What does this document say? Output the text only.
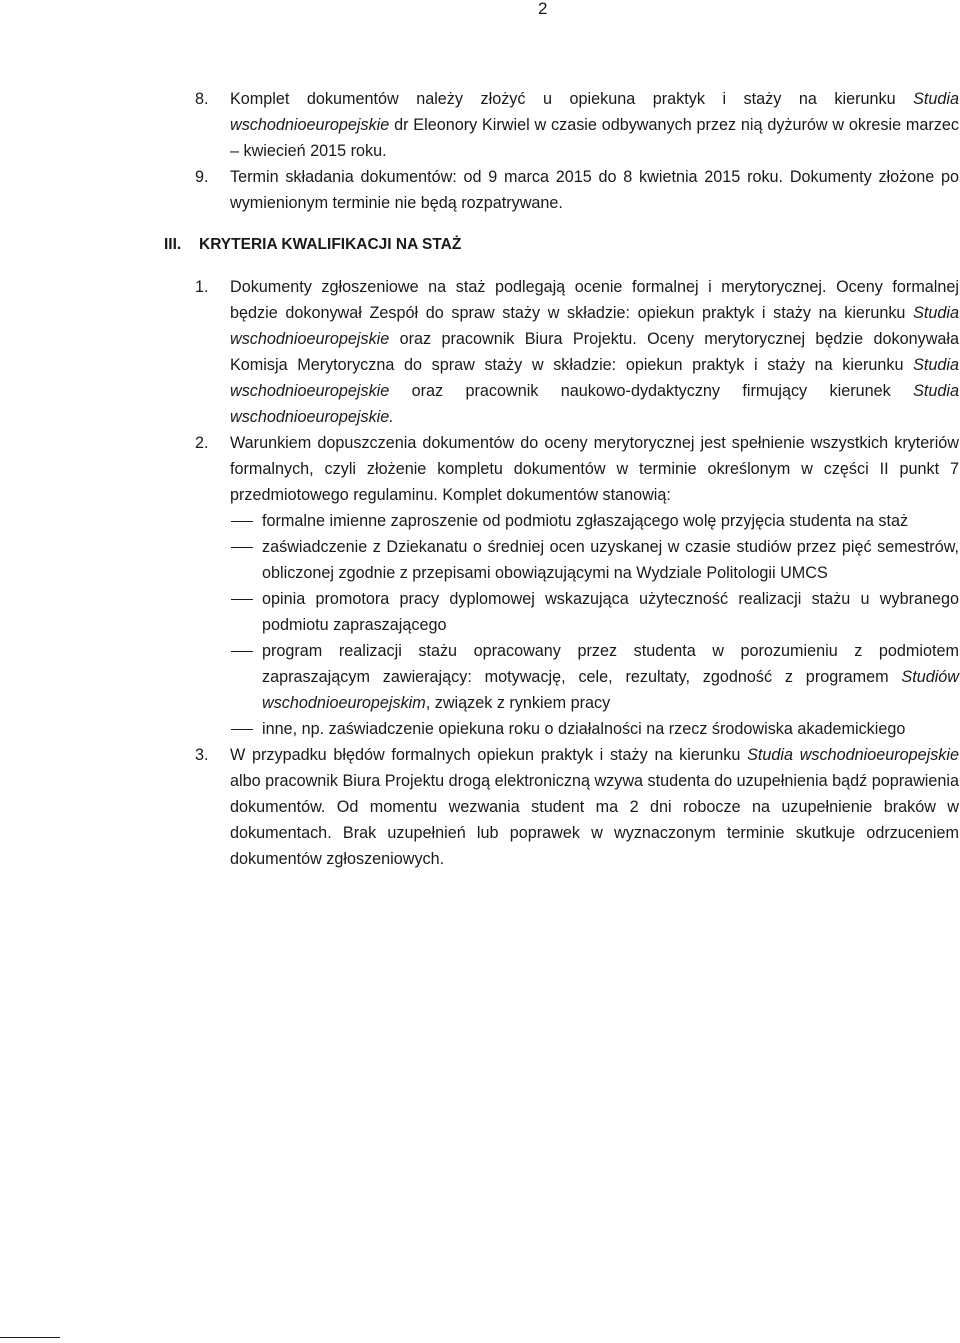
2
8.	Komplet dokumentów należy złożyć u opiekuna praktyk i staży na kierunku Studia wschodnioeuropejskie dr Eleonory Kirwiel w czasie odbywanych przez nią dyżurów w okresie marzec – kwiecień 2015 roku.
9.	Termin składania dokumentów: od 9 marca 2015 do 8 kwietnia 2015 roku. Dokumenty złożone po wymienionym terminie nie będą rozpatrywane.
III.	KRYTERIA KWALIFIKACJI NA STAŻ
1.	Dokumenty zgłoszeniowe na staż podlegają ocenie formalnej i merytorycznej. Oceny formalnej będzie dokonywał Zespół do spraw staży w składzie: opiekun praktyk i staży na kierunku Studia wschodnioeuropejskie oraz pracownik Biura Projektu. Oceny merytorycznej będzie dokonywała Komisja Merytoryczna do spraw staży w składzie: opiekun praktyk i staży na kierunku Studia wschodnioeuropejskie oraz pracownik naukowo-dydaktyczny firmujący kierunek Studia wschodnioeuropejskie.
2.	Warunkiem dopuszczenia dokumentów do oceny merytorycznej jest spełnienie wszystkich kryteriów formalnych, czyli złożenie kompletu dokumentów w terminie określonym w części II punkt 7 przedmiotowego regulaminu. Komplet dokumentów stanowią:
formalne imienne zaproszenie od podmiotu zgłaszającego wolę przyjęcia studenta na staż
zaświadczenie z Dziekanatu o średniej ocen uzyskanej w czasie studiów przez pięć semestrów, obliczonej zgodnie z przepisami obowiązującymi na Wydziale Politologii UMCS
opinia promotora pracy dyplomowej wskazująca użyteczność realizacji stażu u wybranego podmiotu zapraszającego
program realizacji stażu opracowany przez studenta w porozumieniu z podmiotem zapraszającym zawierający: motywację, cele, rezultaty, zgodność z programem Studiów wschodnioeuropejskim, związek z rynkiem pracy
inne, np. zaświadczenie opiekuna roku o działalności na rzecz środowiska akademickiego
3.	W przypadku błędów formalnych opiekun praktyk i staży na kierunku Studia wschodnioeuropejskie albo pracownik Biura Projektu drogą elektroniczną wzywa studenta do uzupełnienia bądź poprawienia dokumentów. Od momentu wezwania student ma 2 dni robocze na uzupełnienie braków w dokumentach. Brak uzupełnień lub poprawek w wyznaczonym terminie skutkuje odrzuceniem dokumentów zgłoszeniowych.
